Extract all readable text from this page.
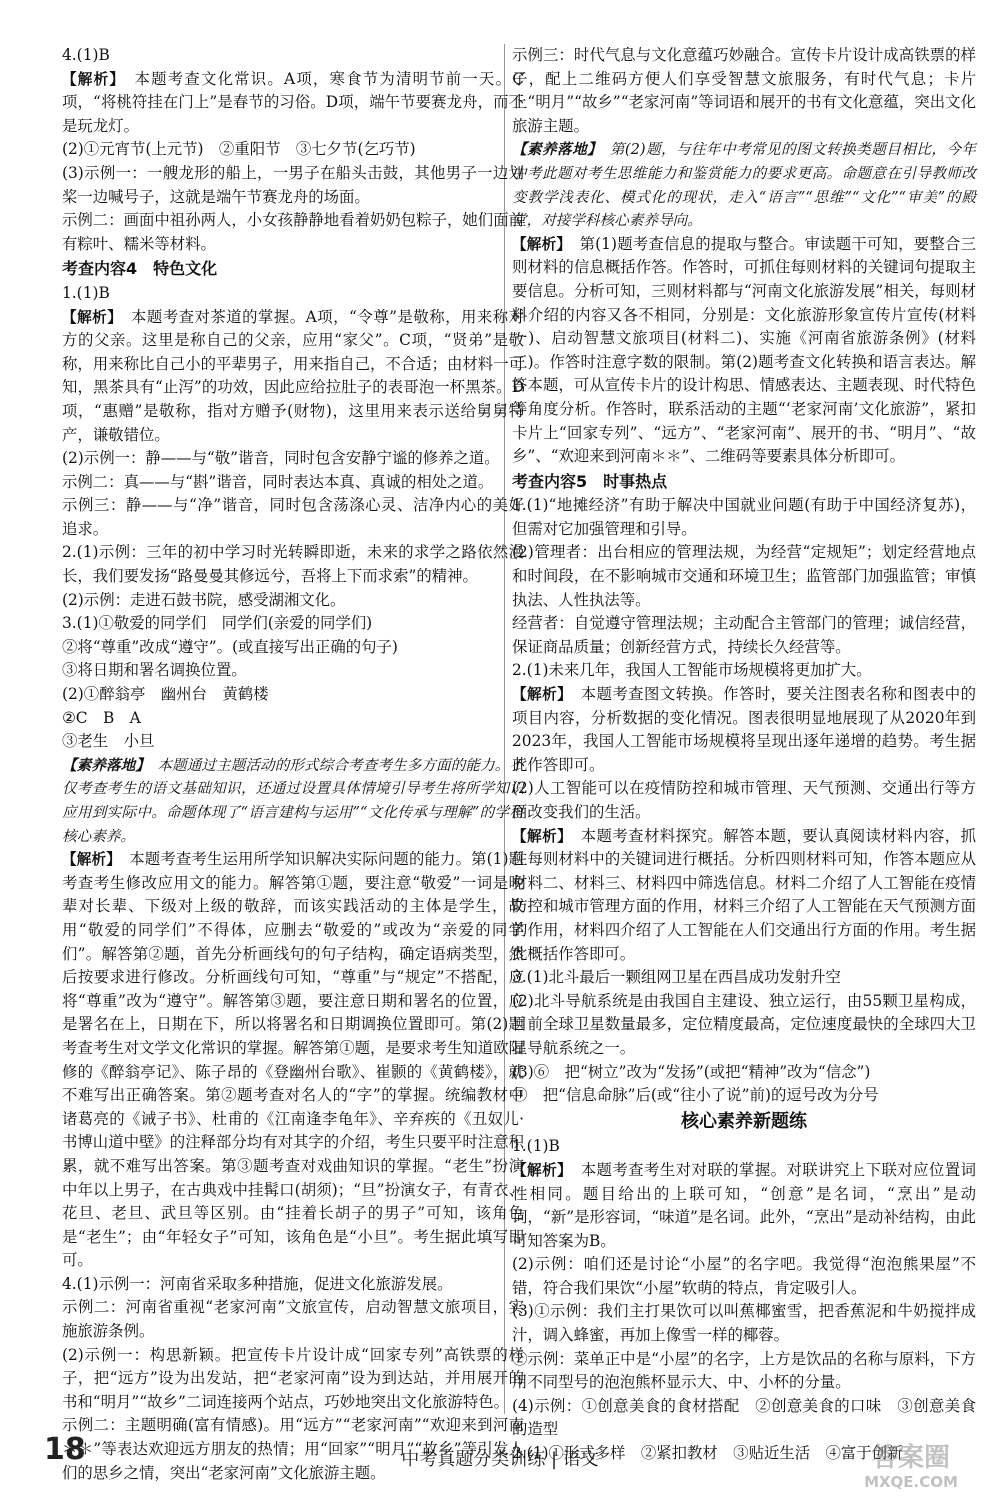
4.(1)B

【解析】　 本题考查文化常识。A项，寒食节为清明节前一天。C项，“将桃符挂在门上”是春节的习俗。D项，端午节要赛龙舟，而不是玩龙灯。

(2)①元宵节(上元节)　②重阳节　③七夕节(乞巧节)

(3)示例一：一艘龙形的船上，一男子在船头击鼓，其他男子一边划桨一边喊号子，这就是端午节赛龙舟的场面。

示例二：画面中祖孙两人，小女孩静静地看着奶奶包粽子，她们面前有粽叶、糯米等材料。

考查内容4　特色文化

1.(1)B

【解析】　 本题考查对茶道的掌握。A项，“令尊”是敬称，用来称对方的父亲。这里是称自己的父亲，应用“家父”。C项，“贤弟”是敬称，用来称比自己小的平辈男子，用来指自己，不合适；由材料一可知，黑茶具有“止泻”的功效，因此应给拉肚子的表哥泡一杯黑茶。D项，“惠赠”是敬称，指对方赠予(财物)，这里用来表示送给舅舅特产，谦敬错位。

(2)示例一：静——与“敬”谐音，同时包含安静宁谧的修养之道。

示例二：真——与“斟”谐音，同时表达本真、真诚的相处之道。

示例三：静——与“净”谐音，同时包含荡涤心灵、洁净内心的美好追求。

2.(1)示例：三年的初中学习时光转瞬即逝，未来的求学之路依然漫长，我们要发扬“路曼曼其修远兮，吾将上下而求索”的精神。

(2)示例：走进石鼓书院，感受湖湘文化。

3.(1)①敬爱的同学们　同学们(亲爱的同学们)

②将“尊重”改成“遵守”。(或直接写出正确的句子)

③将日期和署名调换位置。

(2)①醉翁亭　幽州台　黄鹤楼

②C　B　A

③老生　小旦

【素养落地】　 本题通过主题活动的形式综合考查考生多方面的能力。不仅考查考生的语文基础知识，还通过设置具体情境引导考生将所学知识应用到实际中。命题体现了“语言建构与运用”“文化传承与理解”的学科核心素养。

【解析】　 本题考查考生运用所学知识解决实际问题的能力。第(1)题考查考生修改应用文的能力。解答第①题，要注意“敬爱”一词是晚辈对长辈、下级对上级的敬辞，而该实践活动的主体是学生，故用“敬爱的同学们”不得体，应删去“敬爱的”或改为“亲爱的同学们”。解答第②题，首先分析画线句的句子结构，确定语病类型，然后按要求进行修改。分析画线句可知，“尊重”与“规定”不搭配，应将“尊重”改为“遵守”。解答第③题，要注意日期和署名的位置，应是署名在上，日期在下，所以将署名和日期调换位置即可。第(2)题考查考生对文学文化常识的掌握。解答第①题，是要求考生知道欧阳修的《醉翁亭记》、陈子昂的《登幽州台歌》、崔颢的《黄鹤楼》，就不难写出正确答案。第②题考查对名人的“字”的掌握。统编教材中诸葛亮的《诫子书》、杜甫的《江南逢李龟年》、辛弃疾的《丑奴儿·书博山道中壁》的注释部分均有对其字的介绍，考生只要平时注意积累，就不难写出答案。第③题考查对戏曲知识的掌握。“老生”扮演中年以上男子，在古典戏中挂髯口(胡须)；“旦”扮演女子，有青衣、花旦、老旦、武旦等区别。由“挂着长胡子的男子”可知，该角色是“老生”；由“年轻女子”可知，该角色是“小旦”。考生据此填写即可。

4.(1)示例一：河南省采取多种措施，促进文化旅游发展。

示例二：河南省重视“老家河南”文旅宣传，启动智慧文旅项目，实施旅游条例。

(2)示例一：构思新颖。把宣传卡片设计成“回家专列”高铁票的样子，把“远方”设为出发站，把“老家河南”设为到达站，并用展开的书和“明月”“故乡”二词连接两个站点，巧妙地突出文化旅游特色。

示例二：主题明确(富有情感)。用“远方”“老家河南”“欢迎来到河南＊＊”等表达欢迎远方朋友的热情；用“回家”“明月”“故乡”等引发人们的思乡之情，突出“老家河南”文化旅游主题。

示例三：时代气息与文化意蕴巧妙融合。宣传卡片设计成高铁票的样子，配上二维码方便人们享受智慧文旅服务，有时代气息；卡片上“明月”“故乡”“老家河南”等词语和展开的书有文化意蕴，突出文化旅游主题。

【素养落地】　 第(2)题，与往年中考常见的图文转换类题目相比，今年中考此题对考生思维能力和鉴赏能力的要求更高。命题意在引导教师改变教学浅表化、模式化的现状，走入“语言”“思维”“文化”“审美”的殿堂，对接学科核心素养导向。

【解析】　 第(1)题考查信息的提取与整合。审读题干可知，要整合三则材料的信息概括作答。作答时，可抓住每则材料的关键词句提取主要信息。分析可知，三则材料都与“河南文化旅游发展”相关，每则材料介绍的内容又各不相同，分别是：文化旅游形象宣传片宣传(材料一)、启动智慧文旅项目(材料二)、实施《河南省旅游条例》(材料三)。作答时注意字数的限制。第(2)题考查文化转换和语言表达。解答本题，可从宣传卡片的设计构思、情感表达、主题表现、时代特色等角度分析。作答时，联系活动的主题“‘老家河南’文化旅游”，紧扣卡片上“回家专列”、“远方”、“老家河南”、展开的书、“明月”、“故乡”、“欢迎来到河南＊＊”、二维码等要素具体分析即可。

考查内容5　时事热点

1.(1)“地摊经济”有助于解决中国就业问题(有助于中国经济复苏)，但需对它加强管理和引导。

(2)管理者：出台相应的管理法规，为经营“定规矩”；划定经营地点和时间段，在不影响城市交通和环境卫生；监管部门加强监管；审慎执法、人性执法等。

经营者：自觉遵守管理法规；主动配合主管部门的管理；诚信经营，保证商品质量；创新经营方式，持续长久经营等。

2.(1)未来几年，我国人工智能市场规模将更加扩大。

【解析】　 本题考查图文转换。作答时，要关注图表名称和图表中的项目内容，分析数据的变化情况。图表很明显地展现了从2020年到2023年，我国人工智能市场规模将呈现出逐年递增的趋势。考生据此作答即可。

(2)人工智能可以在疫情防控和城市管理、天气预测、交通出行等方面改变我们的生活。

【解析】　 本题考查材料探究。解答本题，要认真阅读材料内容，抓住每则材料中的关键词进行概括。分析四则材料可知，作答本题应从材料二、材料三、材料四中筛选信息。材料二介绍了人工智能在疫情防控和城市管理方面的作用，材料三介绍了人工智能在天气预测方面的作用，材料四介绍了人工智能在人们交通出行方面的作用。考生据此概括作答即可。

3.(1)北斗最后一颗组网卫星在西昌成功发射升空

(2)北斗导航系统是由我国自主建设、独立运行，由55颗卫星构成，目前全球卫星数量最多，定位精度最高，定位速度最快的全球四大卫星导航系统之一。

(3)⑥　把“树立”改为“发扬”(或把“精神”改为“信念”)

④　把“信息命脉”后(或“往小了说”前)的逗号改为分号

核心素养新题练

1.(1)B

【解析】　 本题考查考生对对联的掌握。对联讲究上下联对应位置词性相同。题目给出的上联可知，“创意”是名词，“烹出”是动词，“新”是形容词，“味道”是名词。此外，“烹出”是动补结构，由此可知答案为B。

(2)示例：咱们还是讨论“小屋”的名字吧。我觉得“泡泡熊果屋”不错，符合我们果饮“小屋”软萌的特点，肯定吸引人。

(3)①示例：我们主打果饮可以叫蕉椰蜜雪，把香蕉泥和牛奶搅拌成汁，调入蜂蜜，再加上像雪一样的椰蓉。

②示例：菜单正中是“小屋”的名字，上方是饮品的名称与原料，下方用不同型号的泡泡熊杯显示大、中、小杯的分量。

(4)示例：①创意美食的食材搭配　②创意美食的口味　③创意美食的造型

2.(1)①形式多样　②紧扣教材　③贴近生活　④富于创新

18	中考真题分类训练 | 语文	答案圈
MXQE.COM
